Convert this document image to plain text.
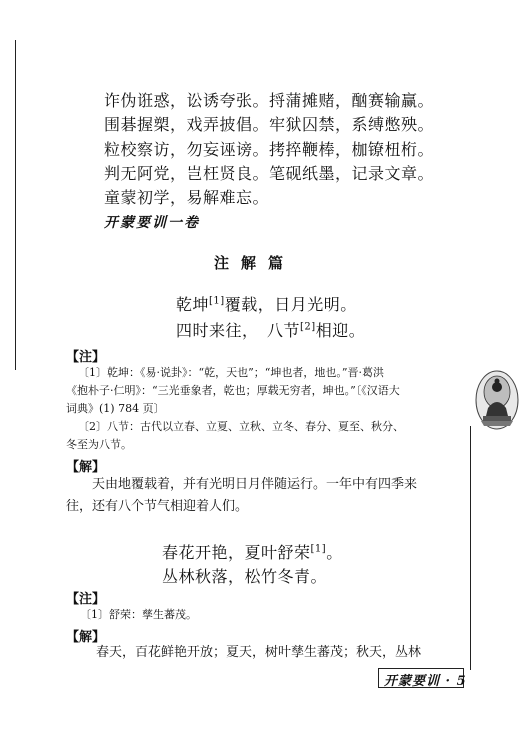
诈伪诳惑，讼诱夸张。捋蒲摊赌，酗赛输赢。
围碁握槊，戏弄披倡。牢狱囚禁，系缚憋殃。
粒校察访，勿妄诬谤。拷捽鞭棒，枷镣杻桁。
判无阿党，岂枉贤良。笔砚纸墨，记录文章。
童蒙初学，易解难忘。
开蒙要训一卷
注解篇
乾坤[1]覆载，日月光明。
四时来往，　八节[2]相迎。
【注】
〔1〕乾坤：《易·说卦》：“乾，天也”；“坤也者，地也。”晋·葛洪
《抱朴子·仁明》：“三光垂象者，乾也；厚载无穷者，坤也。”〔《汉语大
词典》(1) 784 页〕
〔2〕八节：古代以立春、立夏、立秋、立冬、春分、夏至、秋分、
冬至为八节。
【解】
天由地覆载着，并有光明日月伴随运行。一年中有四季来
往，还有八个节气相迎着人们。
春花开艳，夏叶舒荣[1]。
丛林秋落，松竹冬青。
【注】
〔1〕舒荣：孳生蕃茂。
【解】
春天，百花鲜艳开放；夏天，树叶孳生蕃茂；秋天，丛林
开蒙要训 · 5
